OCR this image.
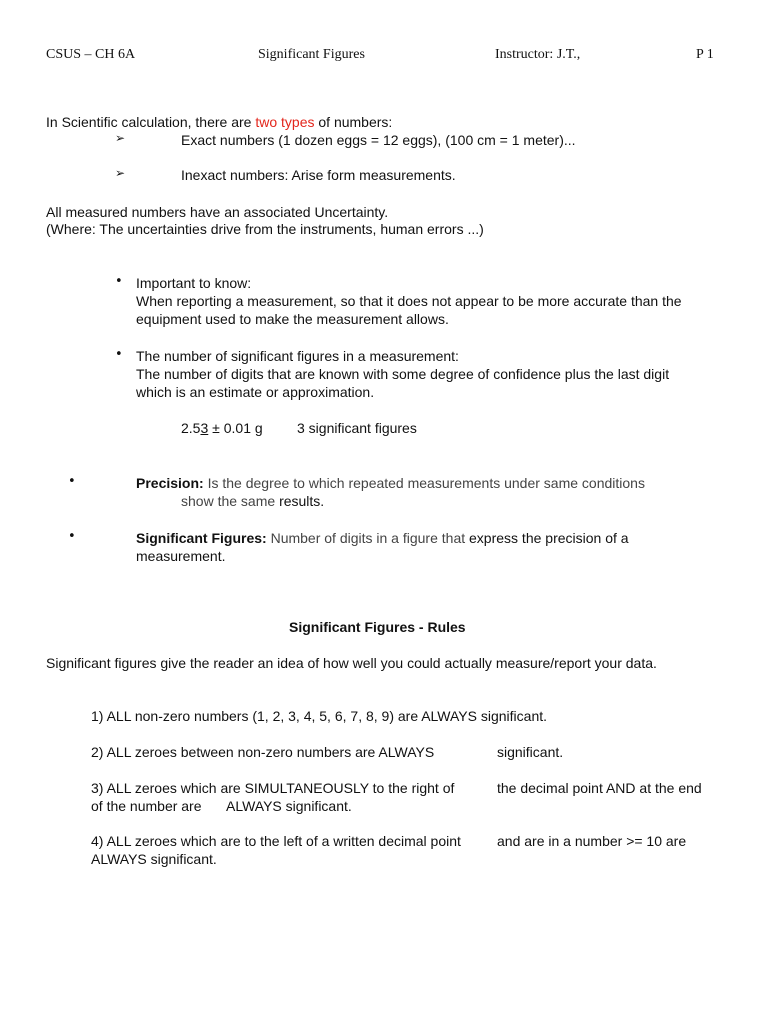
CSUS – CH 6A	Significant Figures	Instructor: J.T.,	P 1
In Scientific calculation, there are two types of numbers:
➢	Exact numbers (1 dozen eggs = 12 eggs), (100 cm = 1 meter)...
➢	Inexact numbers: Arise form measurements.
All measured numbers have an associated Uncertainty.
(Where: The uncertainties drive from the instruments, human errors ...)
• Important to know:
When reporting a measurement, so that it does not appear to be more accurate than the
equipment used to make the measurement allows.
• The number of significant figures in a measurement:
The number of digits that are known with some degree of confidence plus the last digit
which is an estimate or approximation.
2.53 ± 0.01 g 3 significant figures
•	Precision: Is the degree to which repeated measurements under same conditions
show the same results.
•	Significant Figures: Number of digits in a figure that express the precision of a
measurement.
Significant Figures - Rules
Significant figures give the reader an idea of how well you could actually measure/report your data.
1) ALL non-zero numbers (1, 2, 3, 4, 5, 6, 7, 8, 9) are ALWAYS significant.
2) ALL zeroes between non-zero numbers are ALWAYS	significant.
3) ALL zeroes which are SIMULTANEOUSLY to the right of	the decimal point AND at the end
of the number are ALWAYS significant.
4) ALL zeroes which are to the left of a written decimal point	and are in a number >= 10 are
ALWAYS significant.
